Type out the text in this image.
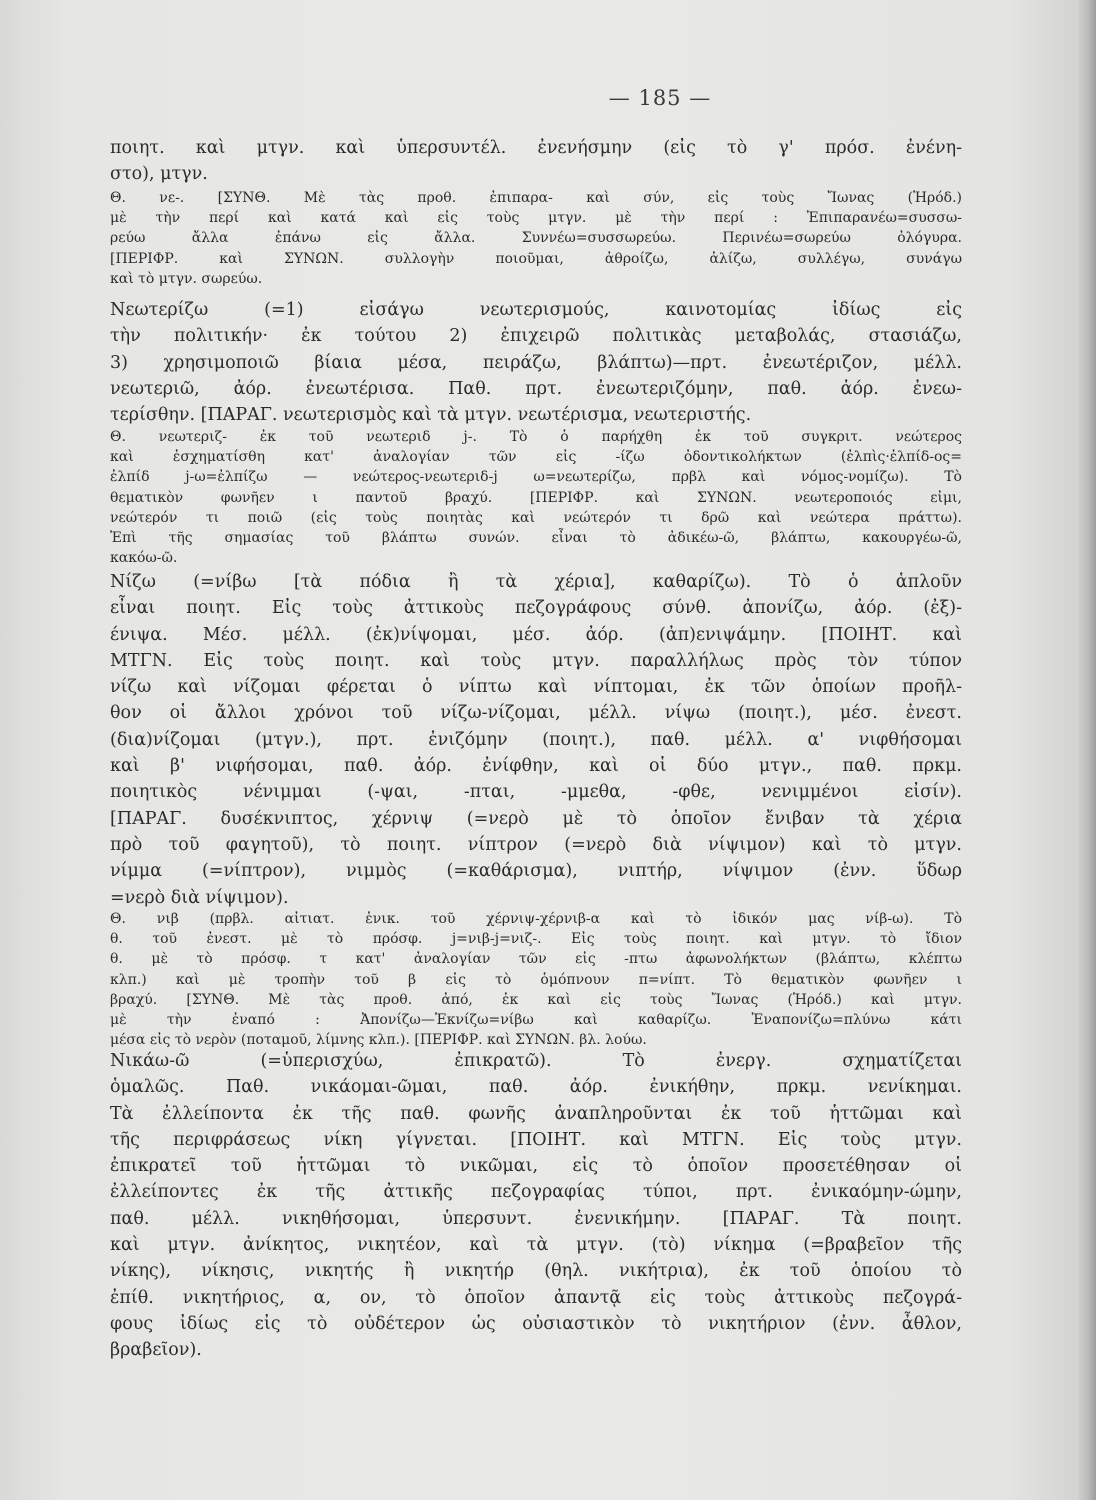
— 185 —
ποιητ. καὶ μτγν. καὶ ὑπερσυντέλ. ἐνενήσμην (εἰς τὸ γ' πρόσ. ἐνένη-
στο), μτγν.
Θ. νε-. [ΣΥΝΘ. Μὲ τὰς προθ. ἐπιπαρα- καὶ σύν, εἰς τοὺς Ἴωνας (Ἡρόδ.)
μὲ τὴν περί καὶ κατά καὶ εἰς τοὺς μτγν. μὲ τὴν περί : Ἐπιπαρανέω=συσσω-
ρεύω ἄλλα ἐπάνω εἰς ἄλλα. Συννέω=συσσωρεύω. Περινέω=σωρεύω ὀλόγυρα.
[ΠΕΡΙΦΡ. καὶ ΣΥΝΩΝ. συλλογὴν ποιοῦμαι, ἀθροίζω, ἁλίζω, συλλέγω, συνάγω
καὶ τὸ μτγν. σωρεύω.
Νεωτερίζω (=1) εἰσάγω νεωτερισμούς, καινοτομίας ἰδίως εἰς
τὴν πολιτικήν· ἐκ τούτου 2) ἐπιχειρῶ πολιτικὰς μεταβολάς, στασιάζω,
3) χρησιμοποιῶ βίαια μέσα, πειράζω, βλάπτω)—πρτ. ἐνεωτέριζον, μέλλ.
νεωτεριῶ, ἀόρ. ἐνεωτέρισα. Παθ. πρτ. ἐνεωτεριζόμην, παθ. ἀόρ. ἐνεω-
τερίσθην. [ΠΑΡΑΓ. νεωτερισμὸς καὶ τὰ μτγν. νεωτέρισμα, νεωτεριστής.
Θ. νεωτεριζ- ἐκ τοῦ νεωτεριδ j-. Τὸ ὁ παρήχθη ἐκ τοῦ συγκριτ. νεώτερος
καὶ ἐσχηματίσθη κατ' ἀναλογίαν τῶν εἰς -ίζω ὀδοντικολήκτων (ἐλπὶς·ἐλπίδ-ος=
ἐλπίδ j-ω=ἐλπίζω — νεώτερος-νεωτεριδ-j ω=νεωτερίζω, πρβλ καὶ νόμος-νομίζω). Τὸ
θεματικὸν φωνῆεν ι παντοῦ βραχύ. [ΠΕΡΙΦΡ. καὶ ΣΥΝΩΝ. νεωτεροποιός εἰμι,
νεώτερόν τι ποιῶ (εἰς τοὺς ποιητὰς καὶ νεώτερόν τι δρῶ καὶ νεώτερα πράττω).
Ἐπὶ τῆς σημασίας τοῦ βλάπτω συνών. εἶναι τὸ ἀδικέω-ῶ, βλάπτω, κακουργέω-ῶ,
κακόω-ῶ.
Νίζω (=νίβω [τὰ πόδια ἢ τὰ χέρια], καθαρίζω). Τὸ ὁ ἁπλοῦν
εἶναι ποιητ. Εἰς τοὺς ἀττικοὺς πεζογράφους σύνθ. ἀπονίζω, ἀόρ. (ἐξ)-
ένιψα. Μέσ. μέλλ. (ἐκ)νίψομαι, μέσ. ἀόρ. (ἀπ)ενιψάμην. [ΠΟΙΗΤ. καὶ
ΜΤΓΝ. Εἰς τοὺς ποιητ. καὶ τοὺς μτγν. παραλλήλως πρὸς τὸν τύπον
νίζω καὶ νίζομαι φέρεται ὁ νίπτω καὶ νίπτομαι, ἐκ τῶν ὁποίων προῆλ-
θον οἱ ἄλλοι χρόνοι τοῦ νίζω-νίζομαι, μέλλ. νίψω (ποιητ.), μέσ. ἐνεστ.
(δια)νίζομαι (μτγν.), πρτ. ἐνιζόμην (ποιητ.), παθ. μέλλ. α' νιφθήσομαι
καὶ β' νιφήσομαι, παθ. ἀόρ. ἐνίφθην, καὶ οἱ δύο μτγν., παθ. πρκμ.
ποιητικὸς νένιμμαι (-ψαι, -πται, -μμεθα, -φθε, νενιμμένοι εἰσίν).
[ΠΑΡΑΓ. δυσέκνιπτος, χέρνιψ (=νερὸ μὲ τὸ ὁποῖον ἔνιβαν τὰ χέρια
πρὸ τοῦ φαγητοῦ), τὸ ποιητ. νίπτρον (=νερὸ διὰ νίψιμον) καὶ τὸ μτγν.
νίμμα (=νίπτρον), νιμμὸς (=καθάρισμα), νιπτήρ, νίψιμον (ἐνν. ὕδωρ
=νερὸ διὰ νίψιμον).
Θ. νιβ (πρβλ. αἰτιατ. ἑνικ. τοῦ χέρνιψ-χέρνιβ-α καὶ τὸ ἰδικόν μας νίβ-ω). Τὸ
θ. τοῦ ἐνεστ. μὲ τὸ πρόσφ. j=νιβ-j=νιζ-. Εἰς τοὺς ποιητ. καὶ μτγν. τὸ ἴδιον
θ. μὲ τὸ πρόσφ. τ κατ' ἀναλογίαν τῶν εἰς -πτω ἀφωνολήκτων (βλάπτω, κλέπτω
κλπ.) καὶ μὲ τροπὴν τοῦ β εἰς τὸ ὁμόπνουν π=νίπτ. Τὸ θεματικὸν φωνῆεν ι
βραχύ. [ΣΥΝΘ. Μὲ τὰς προθ. ἀπό, ἐκ καὶ εἰς τοὺς Ἴωνας (Ἡρόδ.) καὶ μτγν.
μὲ τὴν ἐναπό : Ἀπονίζω—Ἐκνίζω=νίβω καὶ καθαρίζω. Ἐναπονίζω=πλύνω κάτι
μέσα εἰς τὸ νερὸν (ποταμοῦ, λίμνης κλπ.). [ΠΕΡΙΦΡ. καὶ ΣΥΝΩΝ. βλ. λούω.
Νικάω-ῶ (=ὑπερισχύω, ἐπικρατῶ). Τὸ ἐνεργ. σχηματίζεται
ὁμαλῶς. Παθ. νικάομαι-ῶμαι, παθ. ἀόρ. ἐνικήθην, πρκμ. νενίκημαι.
Τὰ ἐλλείποντα ἐκ τῆς παθ. φωνῆς ἀναπληροῦνται ἐκ τοῦ ἡττῶμαι καὶ
τῆς περιφράσεως νίκη γίγνεται. [ΠΟΙΗΤ. καὶ ΜΤΓΝ. Εἰς τοὺς μτγν.
ἐπικρατεῖ τοῦ ἡττῶμαι τὸ νικῶμαι, εἰς τὸ ὁποῖον προσετέθησαν οἱ
ἐλλείποντες ἐκ τῆς ἀττικῆς πεζογραφίας τύποι, πρτ. ἐνικαόμην-ώμην,
παθ. μέλλ. νικηθήσομαι, ὑπερσυντ. ἐνενικήμην. [ΠΑΡΑΓ. Τὰ ποιητ.
καὶ μτγν. ἀνίκητος, νικητέον, καὶ τὰ μτγν. (τὸ) νίκημα (=βραβεῖον τῆς
νίκης), νίκησις, νικητής ἢ νικητήρ (θηλ. νικήτρια), ἐκ τοῦ ὁποίου τὸ
ἐπίθ. νικητήριος, α, ον, τὸ ὁποῖον ἀπαντᾷ εἰς τοὺς ἀττικοὺς πεζογρά-
φους ἰδίως εἰς τὸ οὐδέτερον ὡς οὐσιαστικὸν τὸ νικητήριον (ἐνν. ἆθλον,
βραβεῖον).
